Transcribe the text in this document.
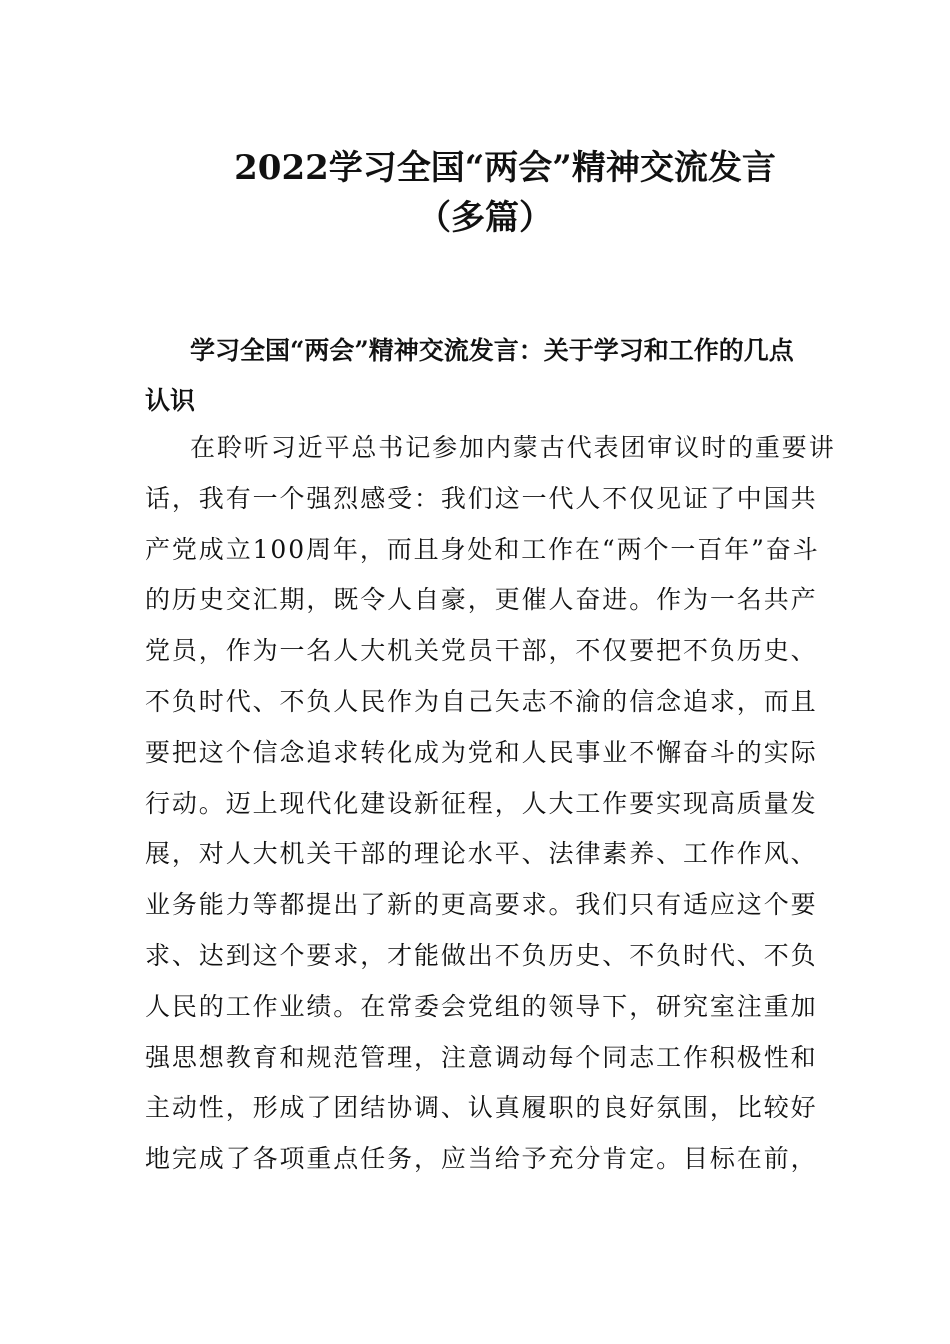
2022学习全国“两会”精神交流发言
（多篇）
学习全国“两会”精神交流发言：关于学习和工作的几点认识
在聆听习近平总书记参加内蒙古代表团审议时的重要讲
话，我有一个强烈感受：我们这一代人不仅见证了中国共
产党成立100周年，而且身处和工作在“两个一百年”奋斗
的历史交汇期，既令人自豪，更催人奋进。作为一名共产
党员，作为一名人大机关党员干部，不仅要把不负历史、
不负时代、不负人民作为自己矢志不渝的信念追求，而且
要把这个信念追求转化成为党和人民事业不懈奋斗的实际
行动。迈上现代化建设新征程，人大工作要实现高质量发
展，对人大机关干部的理论水平、法律素养、工作作风、
业务能力等都提出了新的更高要求。我们只有适应这个要
求、达到这个要求，才能做出不负历史、不负时代、不负
人民的工作业绩。在常委会党组的领导下，研究室注重加
强思想教育和规范管理，注意调动每个同志工作积极性和
主动性，形成了团结协调、认真履职的良好氛围，比较好
地完成了各项重点任务，应当给予充分肯定。目标在前，
